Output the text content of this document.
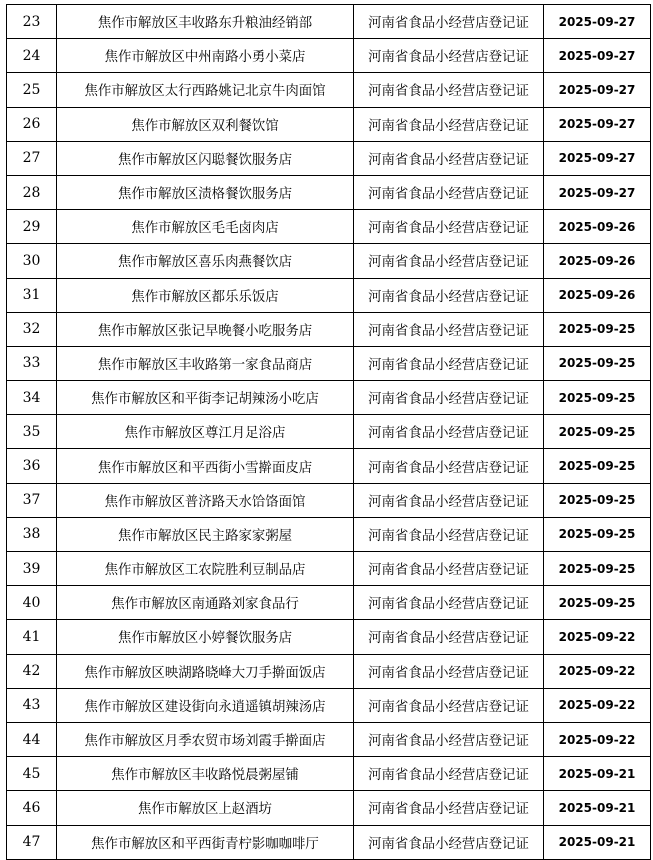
23	焦作市解放区丰收路东升粮油经销部	河南省食品小经营店登记证	2025-09-27
24	焦作市解放区中州南路小勇小菜店	河南省食品小经营店登记证	2025-09-27
25	焦作市解放区太行西路姚记北京牛肉面馆	河南省食品小经营店登记证	2025-09-27
26	焦作市解放区双利餐饮馆	河南省食品小经营店登记证	2025-09-27
27	焦作市解放区闪聪餐饮服务店	河南省食品小经营店登记证	2025-09-27
28	焦作市解放区渍格餐饮服务店	河南省食品小经营店登记证	2025-09-27
29	焦作市解放区毛毛卤肉店	河南省食品小经营店登记证	2025-09-26
30	焦作市解放区喜乐肉燕餐饮店	河南省食品小经营店登记证	2025-09-26
31	焦作市解放区都乐乐饭店	河南省食品小经营店登记证	2025-09-26
32	焦作市解放区张记早晚餐小吃服务店	河南省食品小经营店登记证	2025-09-25
33	焦作市解放区丰收路第一家食品商店	河南省食品小经营店登记证	2025-09-25
34	焦作市解放区和平街李记胡辣汤小吃店	河南省食品小经营店登记证	2025-09-25
35	焦作市解放区尊江月足浴店	河南省食品小经营店登记证	2025-09-25
36	焦作市解放区和平西街小雪擀面皮店	河南省食品小经营店登记证	2025-09-25
37	焦作市解放区普济路天水饸饹面馆	河南省食品小经营店登记证	2025-09-25
38	焦作市解放区民主路家家粥屋	河南省食品小经营店登记证	2025-09-25
39	焦作市解放区工农院胜利豆制品店	河南省食品小经营店登记证	2025-09-25
40	焦作市解放区南通路刘家食品行	河南省食品小经营店登记证	2025-09-25
41	焦作市解放区小婷餐饮服务店	河南省食品小经营店登记证	2025-09-22
42	焦作市解放区映湖路晓峰大刀手擀面饭店	河南省食品小经营店登记证	2025-09-22
43	焦作市解放区建设街向永逍遥镇胡辣汤店	河南省食品小经营店登记证	2025-09-22
44	焦作市解放区月季农贸市场刘霞手擀面店	河南省食品小经营店登记证	2025-09-22
45	焦作市解放区丰收路悦晨粥屋铺	河南省食品小经营店登记证	2025-09-21
46	焦作市解放区上赵酒坊	河南省食品小经营店登记证	2025-09-21
47	焦作市解放区和平西街青柠影咖咖啡厅	河南省食品小经营店登记证	2025-09-21
